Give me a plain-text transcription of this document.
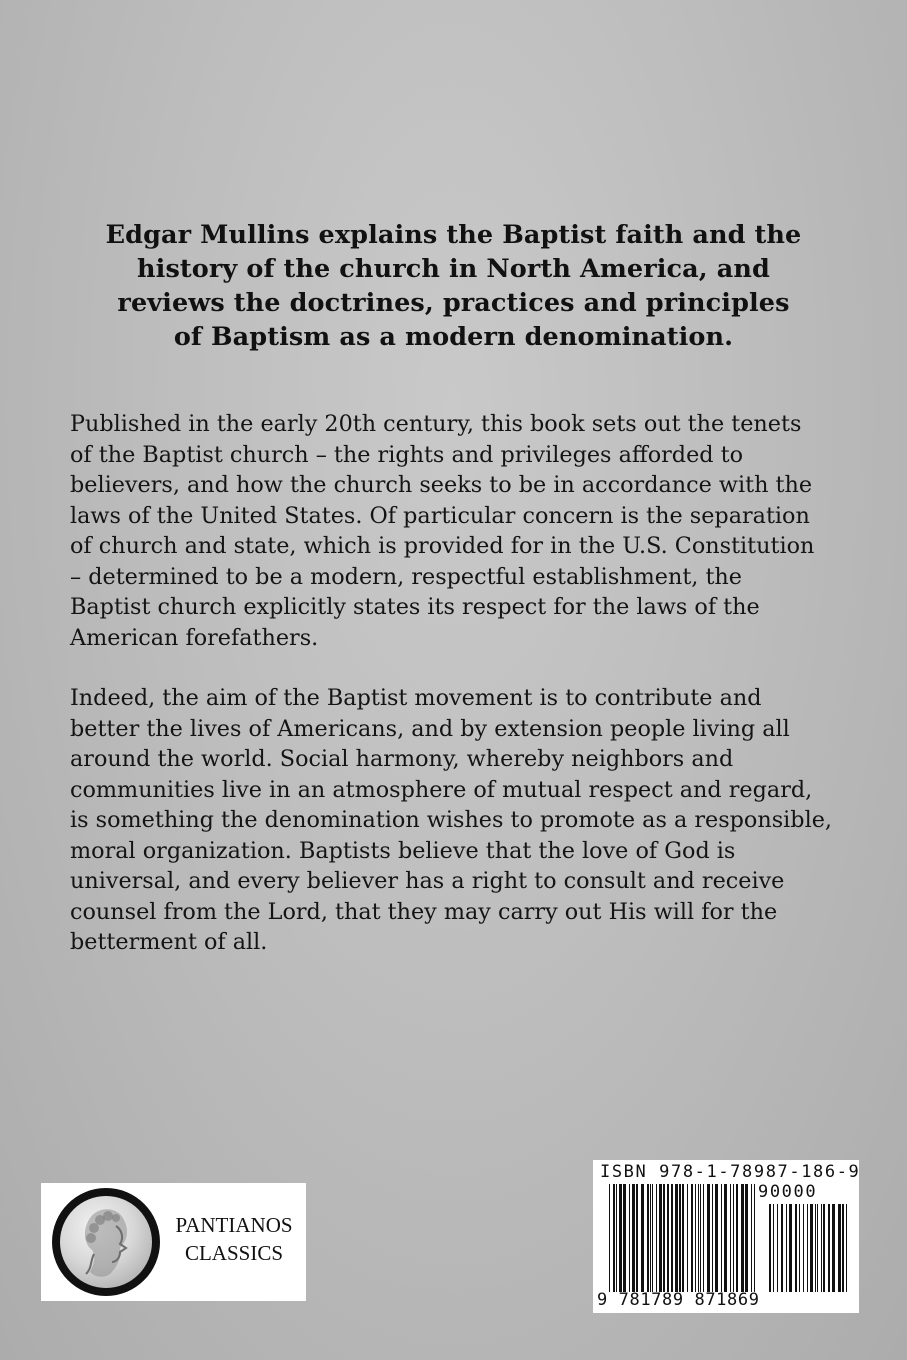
Edgar Mullins explains the Baptist faith and the
history of the church in North America, and
reviews the doctrines, practices and principles
of Baptism as a modern denomination.
Published in the early 20th century, this book sets out the tenets
of the Baptist church – the rights and privileges afforded to
believers, and how the church seeks to be in accordance with the
laws of the United States. Of particular concern is the separation
of church and state, which is provided for in the U.S. Constitution
– determined to be a modern, respectful establishment, the
Baptist church explicitly states its respect for the laws of the
American forefathers.
Indeed, the aim of the Baptist movement is to contribute and
better the lives of Americans, and by extension people living all
around the world. Social harmony, whereby neighbors and
communities live in an atmosphere of mutual respect and regard,
is something the denomination wishes to promote as a responsible,
moral organization. Baptists believe that the love of God is
universal, and every believer has a right to consult and receive
counsel from the Lord, that they may carry out His will for the
betterment of all.
PANTIANOS
CLASSICS
ISBN 978-1-78987-186-9
90000
9 781789 871869
